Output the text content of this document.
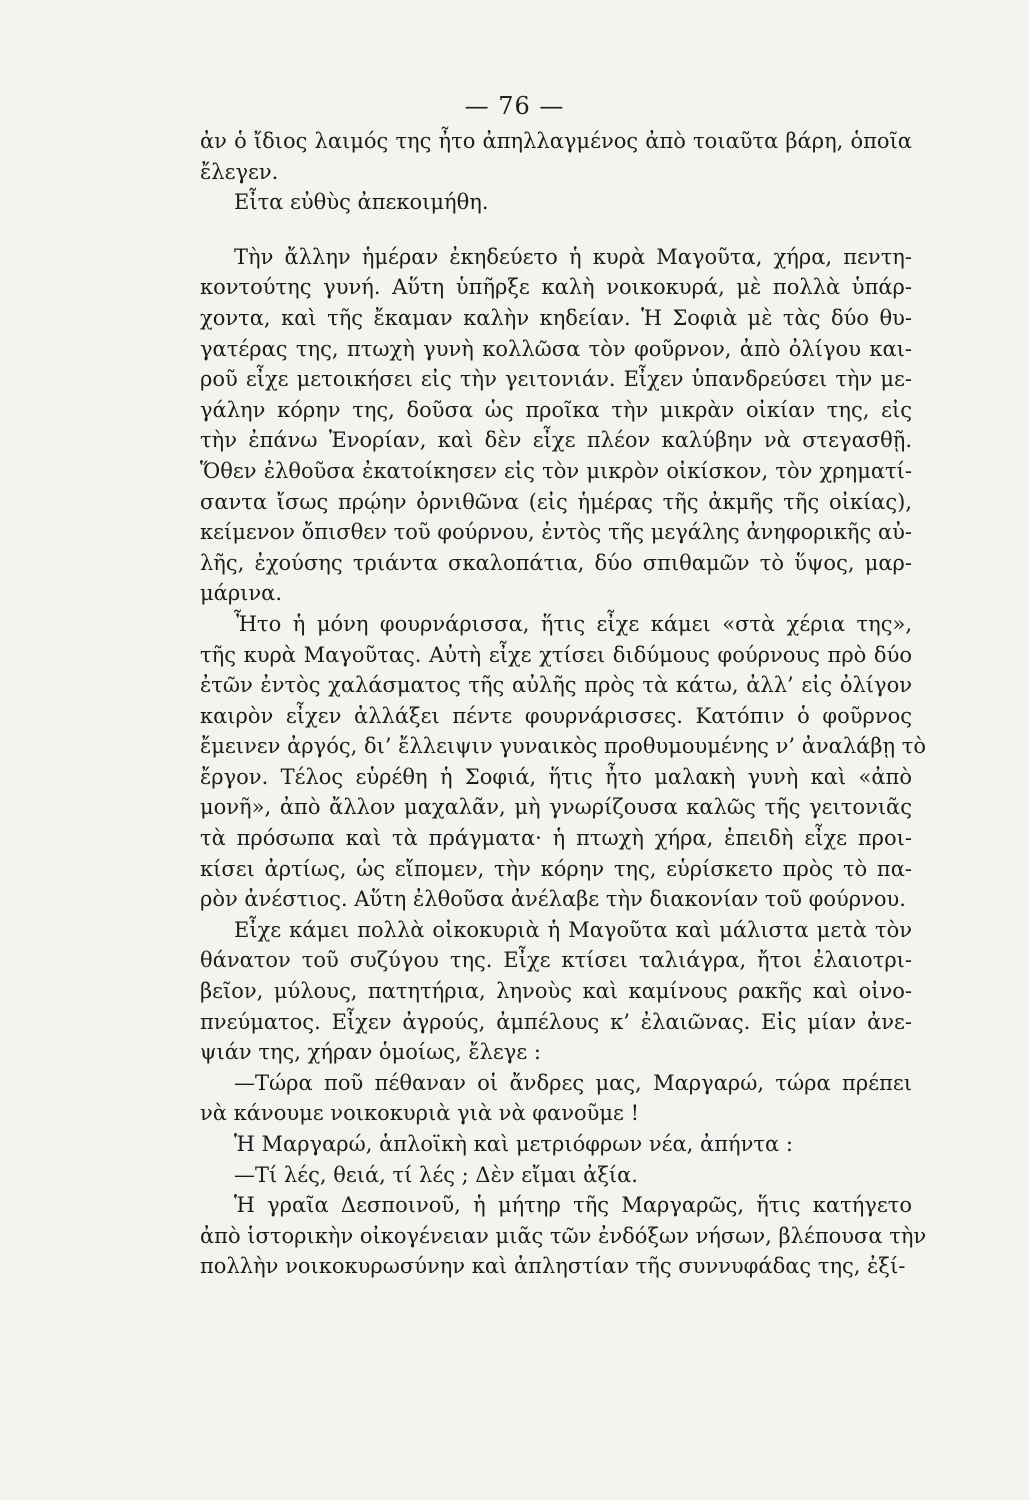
— 76 —
ἀν ὁ ἴδιος λαιμός της ἦτο ἀπηλλαγμένος ἀπὸ τοιαῦτα βάρη, ὁποῖα
ἔλεγεν.
Εἶτα εὐθὺς ἀπεκοιμήθη.
Τὴν ἄλλην ἡμέραν ἐκηδεύετο ἡ κυρὰ Μαγοῦτα, χήρα, πεντη-
κοντούτης γυνή. Αὕτη ὑπῆρξε καλὴ νοικοκυρά, μὲ πολλὰ ὑπάρ-
χοντα, καὶ τῆς ἔκαμαν καλὴν κηδείαν. Ἡ Σοφιὰ μὲ τὰς δύο θυ-
γατέρας της, πτωχὴ γυνὴ κολλῶσα τὸν φοῦρνον, ἀπὸ ὀλίγου και-
ροῦ εἶχε μετοικήσει εἰς τὴν γειτονιάν. Εἶχεν ὑπανδρεύσει τὴν με-
γάλην κόρην της, δοῦσα ὡς προῖκα τὴν μικρὰν οἰκίαν της, εἰς
τὴν ἐπάνω Ἐνορίαν, καὶ δὲν εἶχε πλέον καλύβην νὰ στεγασθῇ.
Ὅθεν ἐλθοῦσα ἐκατοίκησεν εἰς τὸν μικρὸν οἰκίσκον, τὸν χρηματί-
σαντα ἴσως πρῴην ὀρνιθῶνα (εἰς ἡμέρας τῆς ἀκμῆς τῆς οἰκίας),
κείμενον ὄπισθεν τοῦ φούρνου, ἐντὸς τῆς μεγάλης ἀνηφορικῆς αὐ-
λῆς, ἐχούσης τριάντα σκαλοπάτια, δύο σπιθαμῶν τὸ ὕψος, μαρ-
μάρινα.
Ἦτο ἡ μόνη φουρνάρισσα, ἥτις εἶχε κάμει «στὰ χέρια της»,
τῆς κυρὰ Μαγοῦτας. Αὐτὴ εἶχε χτίσει διδύμους φούρνους πρὸ δύο
ἐτῶν ἐντὸς χαλάσματος τῆς αὐλῆς πρὸς τὰ κάτω, ἀλλ’ εἰς ὀλίγον
καιρὸν εἶχεν ἀλλάξει πέντε φουρνάρισσες. Κατόπιν ὁ φοῦρνος
ἔμεινεν ἀργός, δι’ ἔλλειψιν γυναικὸς προθυμουμένης ν’ ἀναλάβῃ τὸ
ἔργον. Τέλος εὑρέθη ἡ Σοφιά, ἥτις ἦτο μαλακὴ γυνὴ καὶ «ἀπὸ
μονῆ», ἀπὸ ἄλλον μαχαλᾶν, μὴ γνωρίζουσα καλῶς τῆς γειτονιᾶς
τὰ πρόσωπα καὶ τὰ πράγματα· ἡ πτωχὴ χήρα, ἐπειδὴ εἶχε προι-
κίσει ἀρτίως, ὡς εἴπομεν, τὴν κόρην της, εὑρίσκετο πρὸς τὸ πα-
ρὸν ἀνέστιος. Αὕτη ἐλθοῦσα ἀνέλαβε τὴν διακονίαν τοῦ φούρνου.
Εἶχε κάμει πολλὰ οἰκοκυριὰ ἡ Μαγοῦτα καὶ μάλιστα μετὰ τὸν
θάνατον τοῦ συζύγου της. Εἶχε κτίσει ταλιάγρα, ἤτοι ἐλαιοτρι-
βεῖον, μύλους, πατητήρια, ληνοὺς καὶ καμίνους ρακῆς καὶ οἰνο-
πνεύματος. Εἶχεν ἀγρούς, ἀμπέλους κ’ ἐλαιῶνας. Εἰς μίαν ἀνε-
ψιάν της, χήραν ὁμοίως, ἔλεγε :
—Τώρα ποῦ πέθαναν οἱ ἄνδρες μας, Μαργαρώ, τώρα πρέπει
νὰ κάνουμε νοικοκυριὰ γιὰ νὰ φανοῦμε !
Ἡ Μαργαρώ, ἁπλοϊκὴ καὶ μετριόφρων νέα, ἀπήντα :
—Τί λές, θειά, τί λές ; Δὲν εἴμαι ἀξία.
Ἡ γραῖα Δεσποινοῦ, ἡ μήτηρ τῆς Μαργαρῶς, ἥτις κατήγετο
ἀπὸ ἱστορικὴν οἰκογένειαν μιᾶς τῶν ἐνδόξων νήσων, βλέπουσα τὴν
πολλὴν νοικοκυρωσύνην καὶ ἀπληστίαν τῆς συννυφάδας της, ἐξί-
